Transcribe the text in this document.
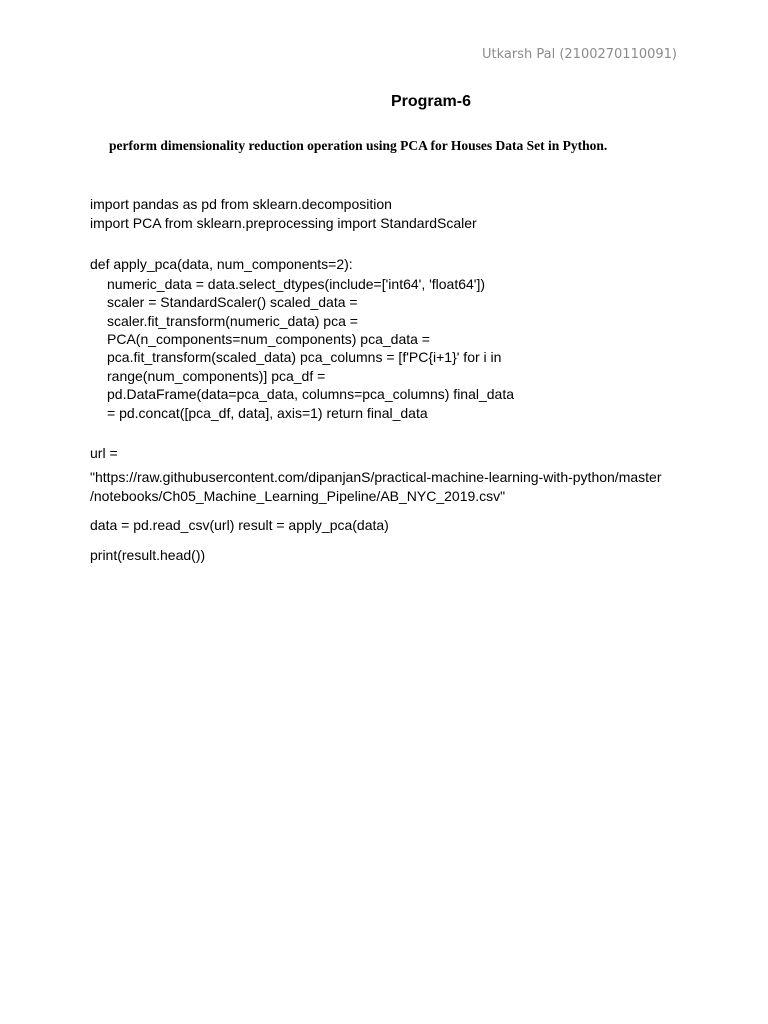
Utkarsh Pal (2100270110091)
Program-6
perform dimensionality reduction operation using PCA for Houses Data Set in Python.
import pandas as pd from sklearn.decomposition
import PCA from sklearn.preprocessing import StandardScaler
def apply_pca(data, num_components=2):
numeric_data = data.select_dtypes(include=['int64', 'float64'])
scaler = StandardScaler() scaled_data =
scaler.fit_transform(numeric_data) pca =
PCA(n_components=num_components) pca_data =
pca.fit_transform(scaled_data) pca_columns = [f'PC{i+1}' for i in
range(num_components)] pca_df =
pd.DataFrame(data=pca_data, columns=pca_columns) final_data
= pd.concat([pca_df, data], axis=1) return final_data
url =
"https://raw.githubusercontent.com/dipanjanS/practical-machine-learning-with-python/master
/notebooks/Ch05_Machine_Learning_Pipeline/AB_NYC_2019.csv"
data = pd.read_csv(url) result = apply_pca(data)
print(result.head())
